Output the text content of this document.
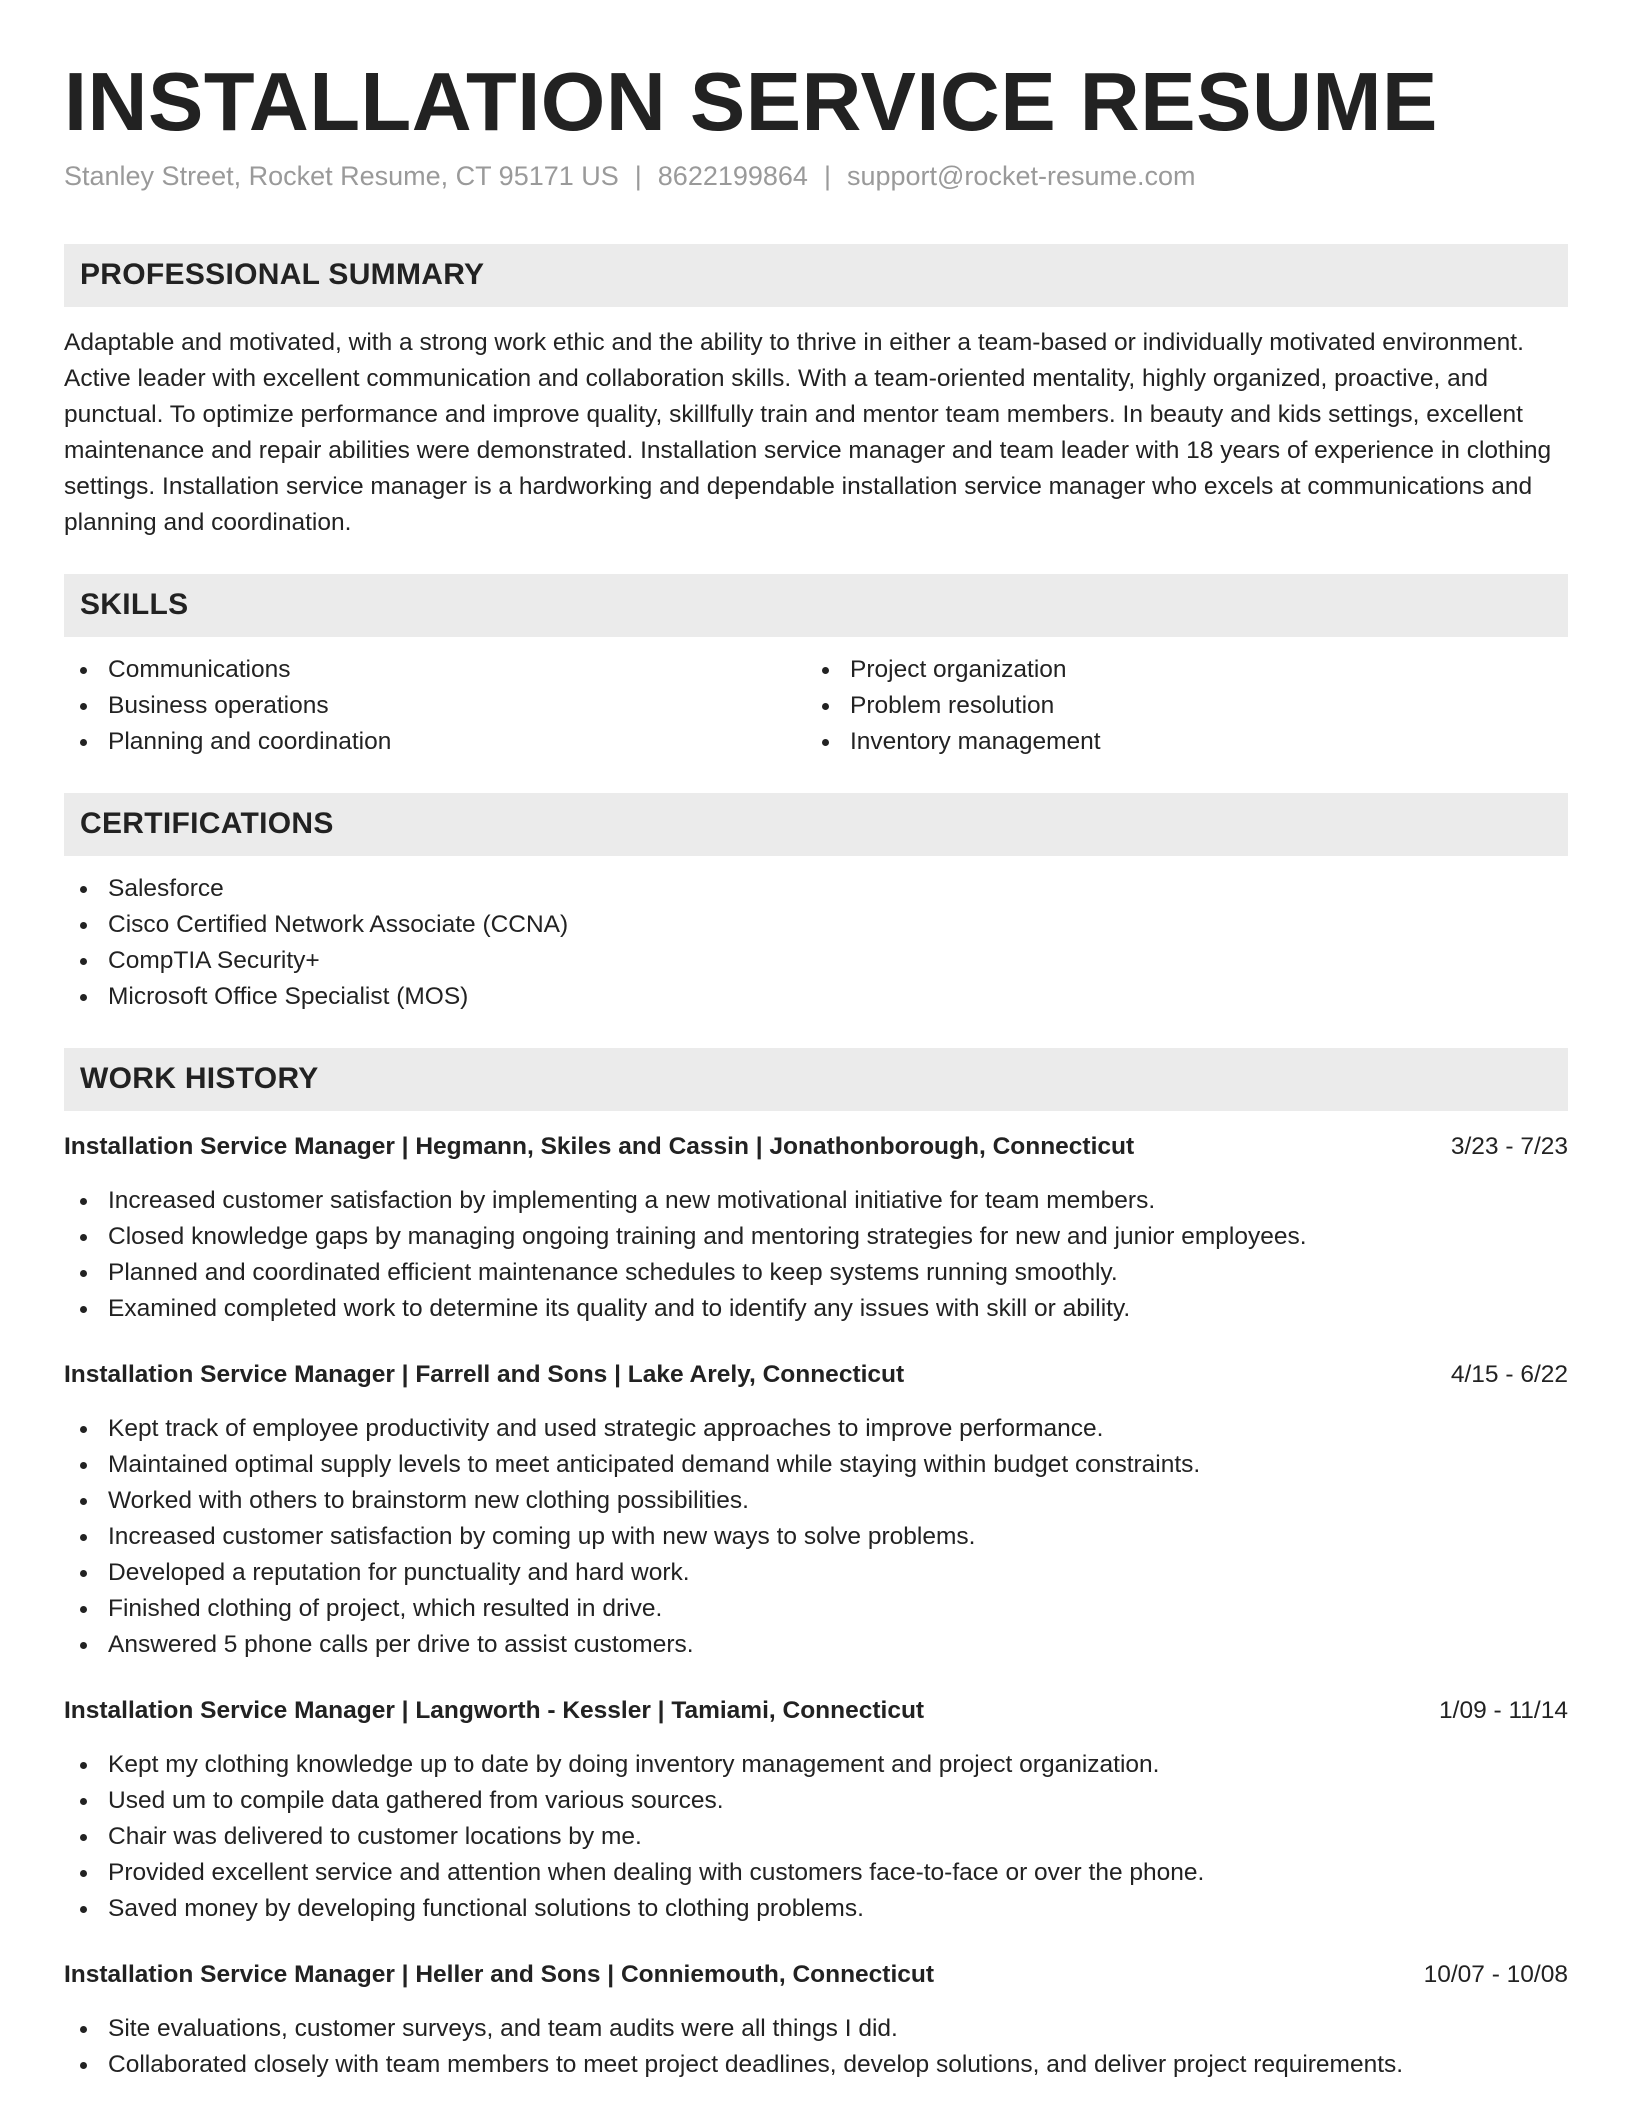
INSTALLATION SERVICE RESUME
Stanley Street, Rocket Resume, CT 95171 US | 8622199864 | support@rocket-resume.com
PROFESSIONAL SUMMARY

Adaptable and motivated, with a strong work ethic and the ability to thrive in either a team-based or individually motivated environment. Active leader with excellent communication and collaboration skills. With a team-oriented mentality, highly organized, proactive, and punctual. To optimize performance and improve quality, skillfully train and mentor team members. In beauty and kids settings, excellent maintenance and repair abilities were demonstrated. Installation service manager and team leader with 18 years of experience in clothing settings. Installation service manager is a hardworking and dependable installation service manager who excels at communications and planning and coordination.

SKILLS
Communications
Business operations
Planning and coordination
Project organization
Problem resolution
Inventory management
CERTIFICATIONS
Salesforce
Cisco Certified Network Associate (CCNA)
CompTIA Security+
Microsoft Office Specialist (MOS)
WORK HISTORY
Installation Service Manager | Hegmann, Skiles and Cassin | Jonathonborough, Connecticut	3/23 - 7/23
Increased customer satisfaction by implementing a new motivational initiative for team members.
Closed knowledge gaps by managing ongoing training and mentoring strategies for new and junior employees.
Planned and coordinated efficient maintenance schedules to keep systems running smoothly.
Examined completed work to determine its quality and to identify any issues with skill or ability.
Installation Service Manager | Farrell and Sons | Lake Arely, Connecticut	4/15 - 6/22
Kept track of employee productivity and used strategic approaches to improve performance.
Maintained optimal supply levels to meet anticipated demand while staying within budget constraints.
Worked with others to brainstorm new clothing possibilities.
Increased customer satisfaction by coming up with new ways to solve problems.
Developed a reputation for punctuality and hard work.
Finished clothing of project, which resulted in drive.
Answered 5 phone calls per drive to assist customers.
Installation Service Manager | Langworth - Kessler | Tamiami, Connecticut	1/09 - 11/14
Kept my clothing knowledge up to date by doing inventory management and project organization.
Used um to compile data gathered from various sources.
Chair was delivered to customer locations by me.
Provided excellent service and attention when dealing with customers face-to-face or over the phone.
Saved money by developing functional solutions to clothing problems.
Installation Service Manager | Heller and Sons | Conniemouth, Connecticut	10/07 - 10/08
Site evaluations, customer surveys, and team audits were all things I did.
Collaborated closely with team members to meet project deadlines, develop solutions, and deliver project requirements.
